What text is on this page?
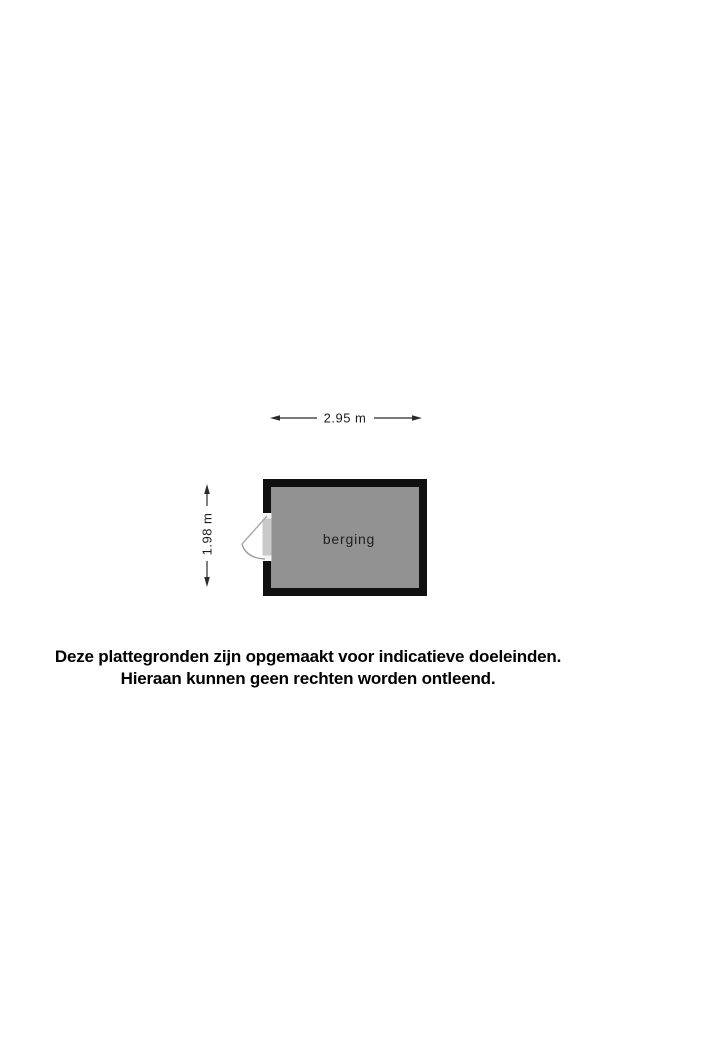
2.95 m
1.98 m	berging
Deze plattegronden zijn opgemaakt voor indicatieve doeleinden.
Hieraan kunnen geen rechten worden ontleend.
